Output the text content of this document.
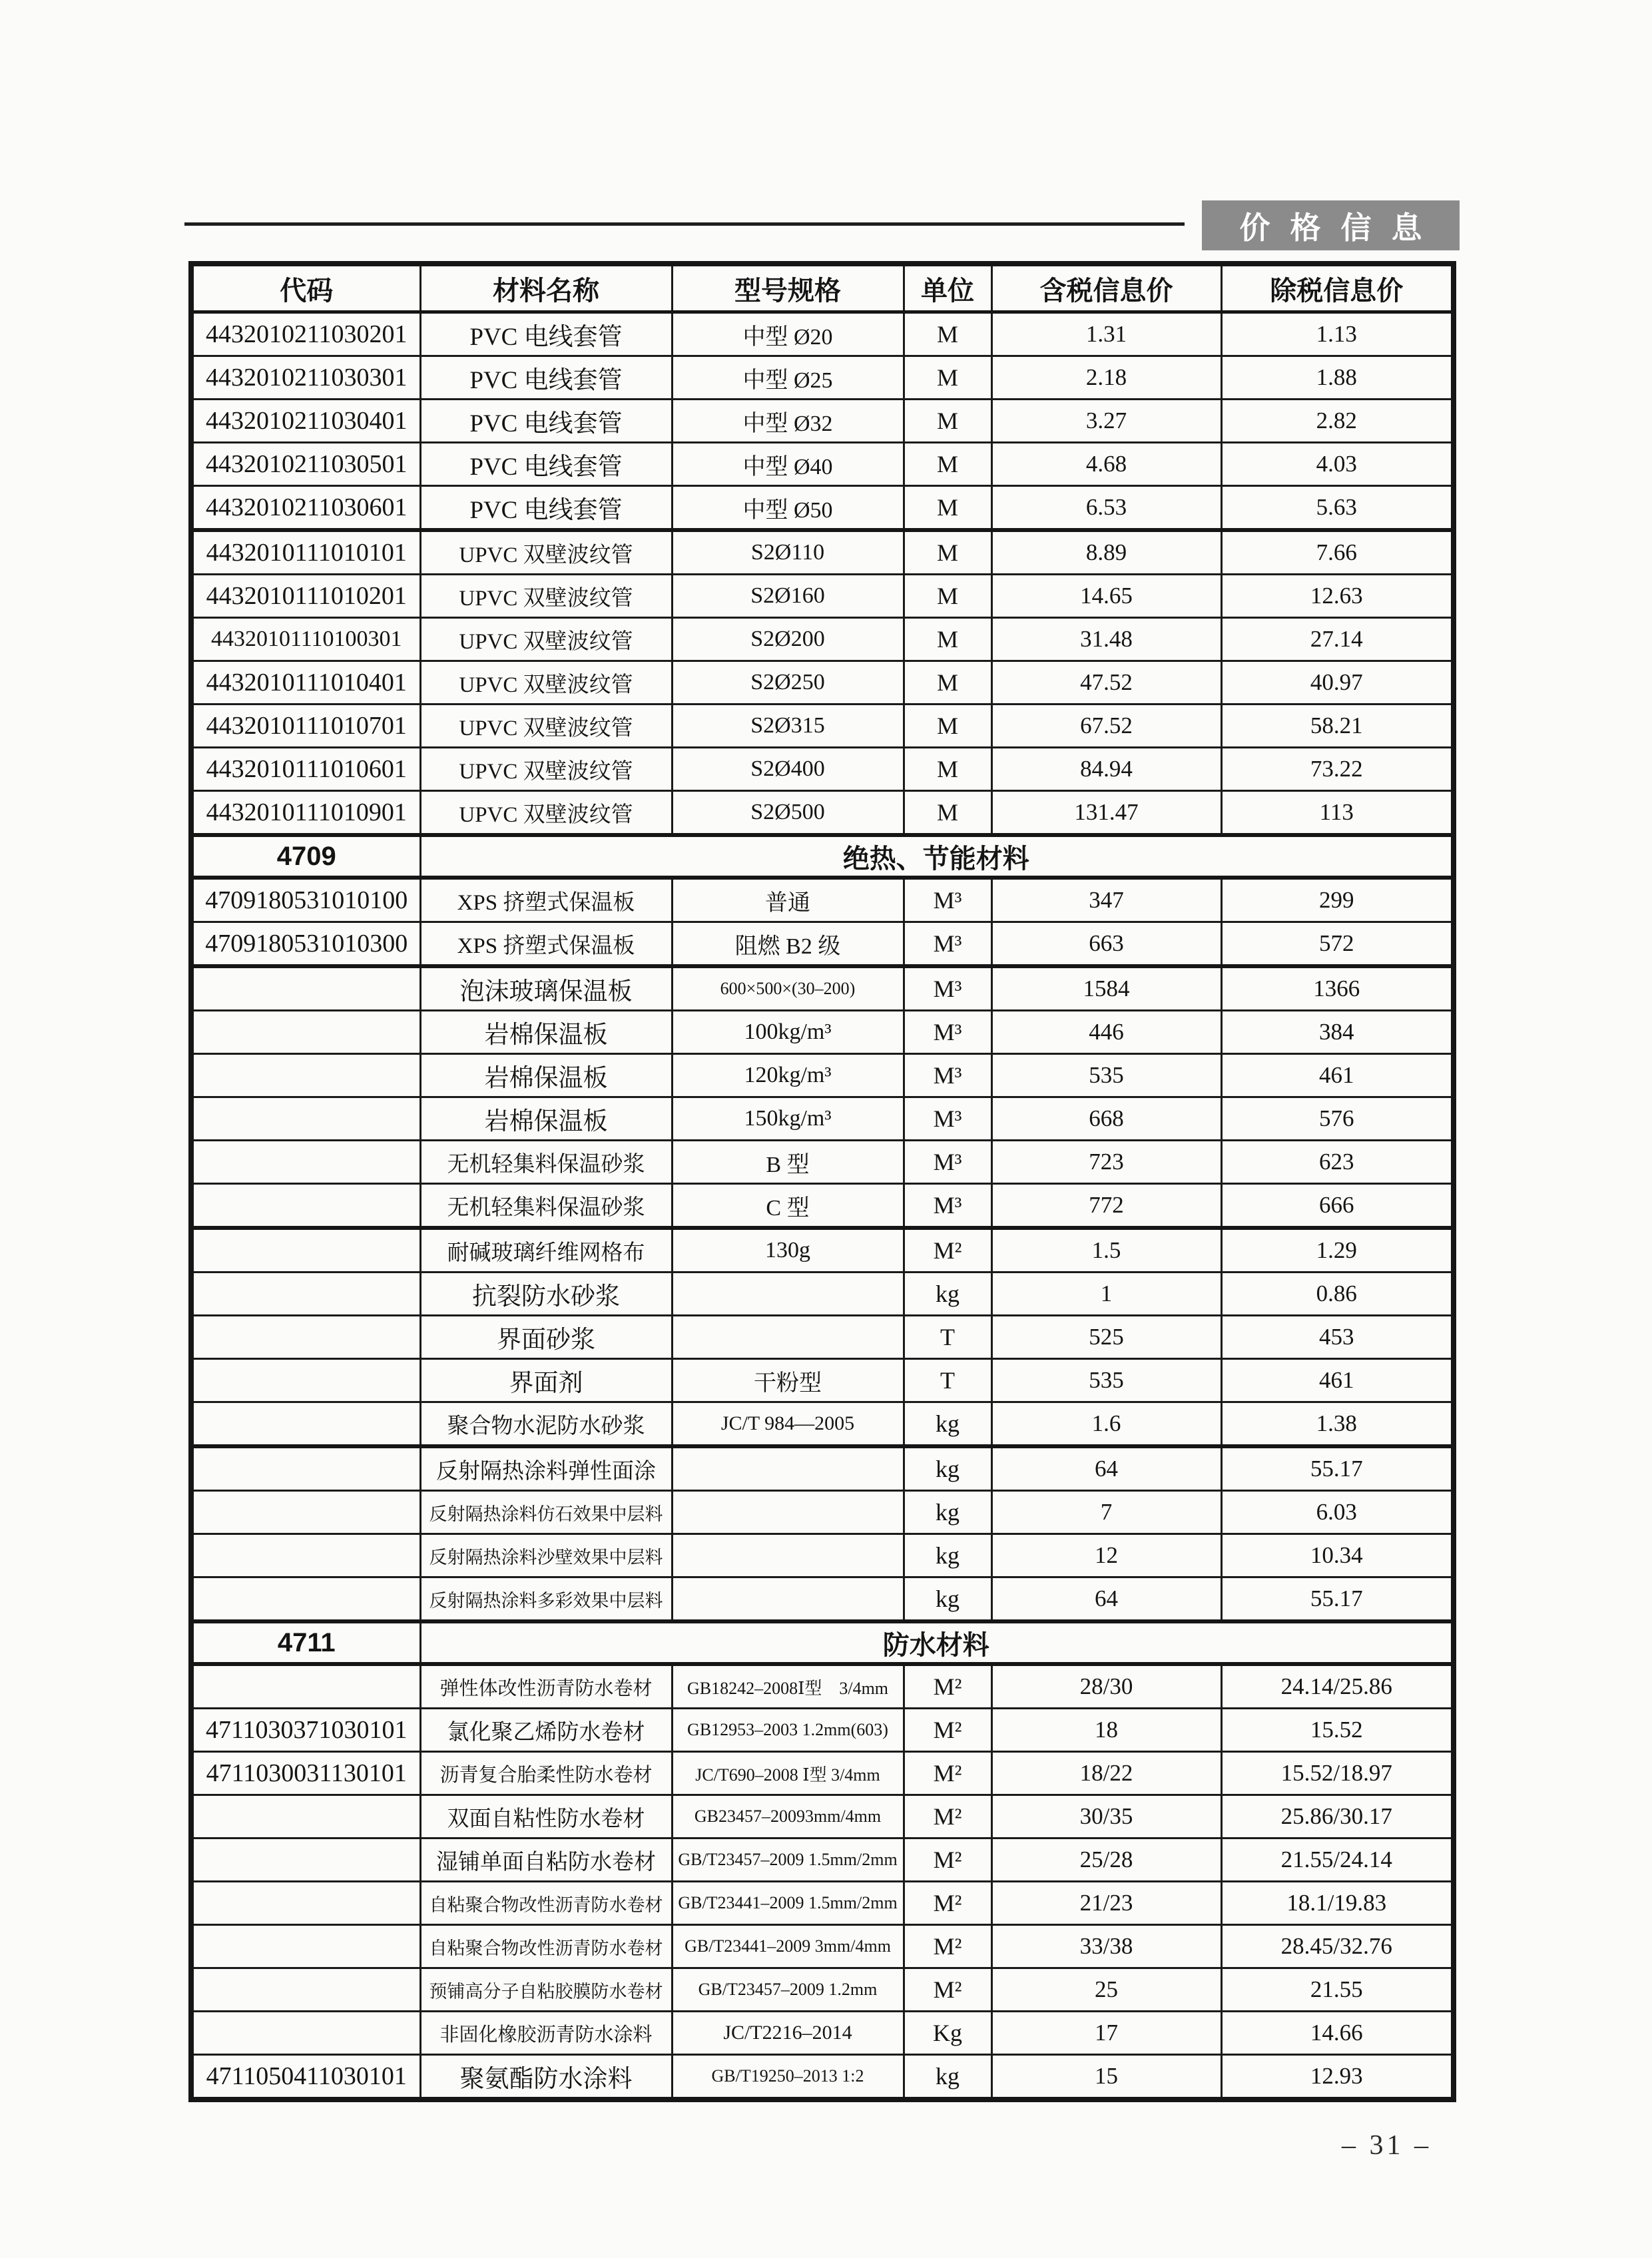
价格信息
代码	材料名称	型号规格	单位	含税信息价	除税信息价
4432010211030201	PVC 电线套管	中型 Ø20	M	1.31	1.13
4432010211030301	PVC 电线套管	中型 Ø25	M	2.18	1.88
4432010211030401	PVC 电线套管	中型 Ø32	M	3.27	2.82
4432010211030501	PVC 电线套管	中型 Ø40	M	4.68	4.03
4432010211030601	PVC 电线套管	中型 Ø50	M	6.53	5.63
4432010111010101	UPVC 双壁波纹管	S2Ø110	M	8.89	7.66
4432010111010201	UPVC 双壁波纹管	S2Ø160	M	14.65	12.63
44320101110100301	UPVC 双壁波纹管	S2Ø200	M	31.48	27.14
4432010111010401	UPVC 双壁波纹管	S2Ø250	M	47.52	40.97
4432010111010701	UPVC 双壁波纹管	S2Ø315	M	67.52	58.21
4432010111010601	UPVC 双壁波纹管	S2Ø400	M	84.94	73.22
4432010111010901	UPVC 双壁波纹管	S2Ø500	M	131.47	113
4709	绝热、节能材料				
4709180531010100	XPS 挤塑式保温板	普通	M³	347	299
4709180531010300	XPS 挤塑式保温板	阻燃 B2 级	M³	663	572
	泡沫玻璃保温板	600×500×(30–200)	M³	1584	1366
	岩棉保温板	100kg/m³	M³	446	384
	岩棉保温板	120kg/m³	M³	535	461
	岩棉保温板	150kg/m³	M³	668	576
	无机轻集料保温砂浆	B 型	M³	723	623
	无机轻集料保温砂浆	C 型	M³	772	666
	耐碱玻璃纤维网格布	130g	M²	1.5	1.29
	抗裂防水砂浆		kg	1	0.86
	界面砂浆		T	525	453
	界面剂	干粉型	T	535	461
	聚合物水泥防水砂浆	JC/T 984—2005	kg	1.6	1.38
	反射隔热涂料弹性面涂		kg	64	55.17
	反射隔热涂料仿石效果中层料		kg	7	6.03
	反射隔热涂料沙壁效果中层料		kg	12	10.34
	反射隔热涂料多彩效果中层料		kg	64	55.17
4711	防水材料				
	弹性体改性沥青防水卷材	GB18242–2008Ⅰ型　3/4mm	M²	28/30	24.14/25.86
4711030371030101	氯化聚乙烯防水卷材	GB12953–2003 1.2mm(603)	M²	18	15.52
4711030031130101	沥青复合胎柔性防水卷材	JC/T690–2008 Ⅰ型 3/4mm	M²	18/22	15.52/18.97
	双面自粘性防水卷材	GB23457–20093mm/4mm	M²	30/35	25.86/30.17
	湿铺单面自粘防水卷材	GB/T23457–2009 1.5mm/2mm	M²	25/28	21.55/24.14
	自粘聚合物改性沥青防水卷材	GB/T23441–2009 1.5mm/2mm	M²	21/23	18.1/19.83
	自粘聚合物改性沥青防水卷材	GB/T23441–2009 3mm/4mm	M²	33/38	28.45/32.76
	预铺高分子自粘胶膜防水卷材	GB/T23457–2009 1.2mm	M²	25	21.55
	非固化橡胶沥青防水涂料	JC/T2216–2014	Kg	17	14.66
4711050411030101	聚氨酯防水涂料	GB/T19250–2013 1:2	kg	15	12.93
– 31 –
